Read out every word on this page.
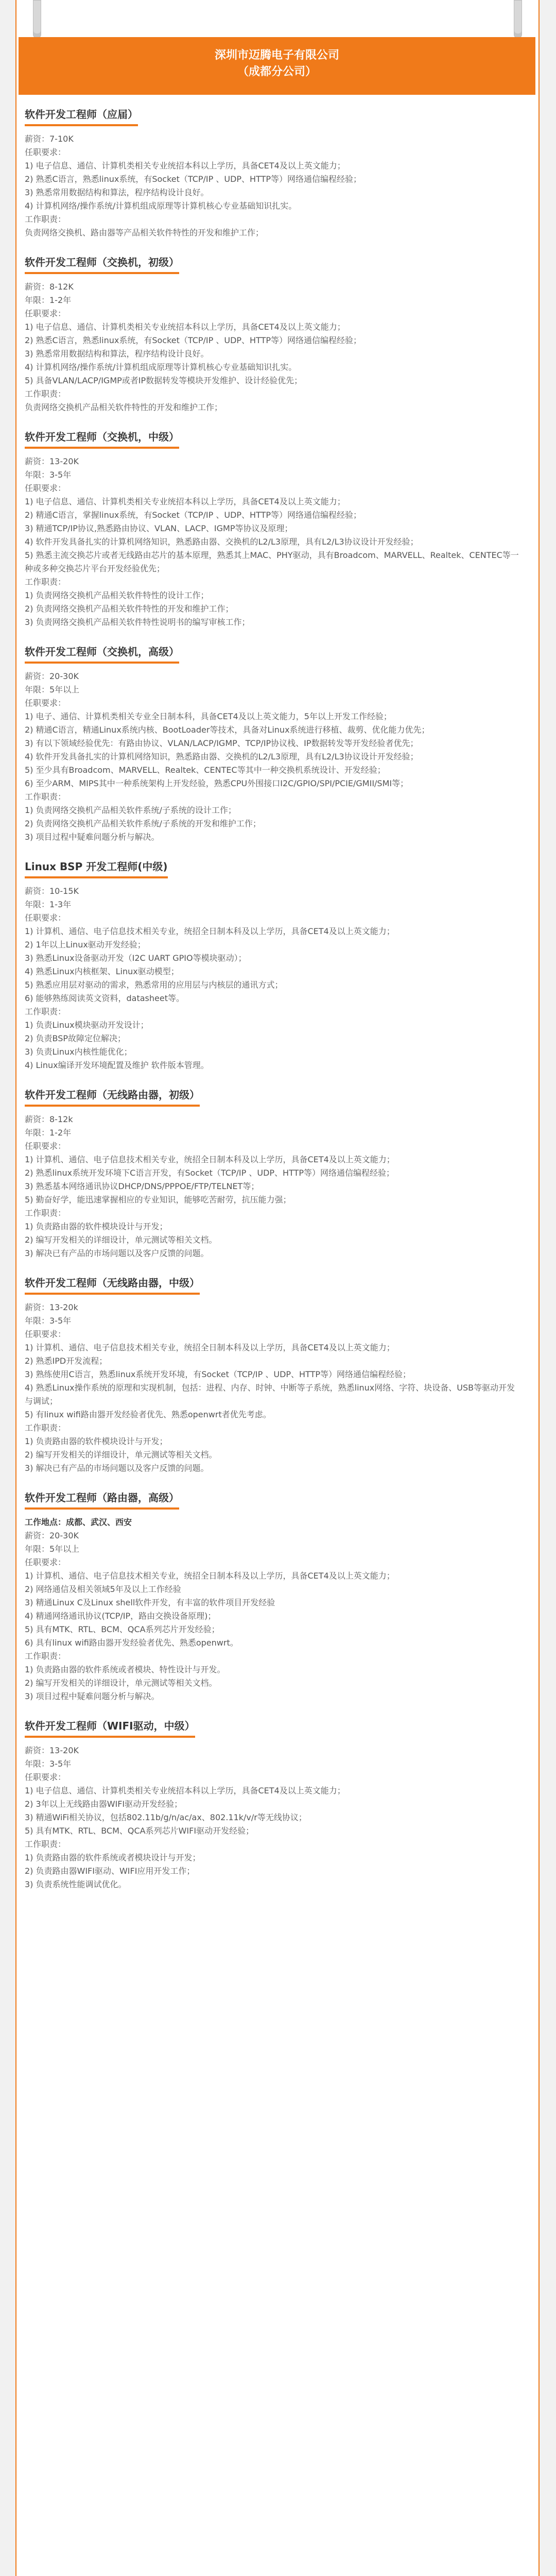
深圳市迈腾电子有限公司
（成都分公司）
软件开发工程师（应届）
薪资：7-10K
任职要求：
1) 电子信息、通信、计算机类相关专业统招本科以上学历，具备CET4及以上英文能力；
2) 熟悉C语言，熟悉linux系统，有Socket（TCP/IP 、UDP、HTTP等）网络通信编程经验；
3) 熟悉常用数据结构和算法，程序结构设计良好。
4) 计算机网络/操作系统/计算机组成原理等计算机核心专业基础知识扎实。
工作职责：
负责网络交换机、路由器等产品相关软件特性的开发和维护工作；
软件开发工程师（交换机，初级）
薪资：8-12K
年限：1-2年
任职要求：
1) 电子信息、通信、计算机类相关专业统招本科以上学历，具备CET4及以上英文能力；
2) 熟悉C语言，熟悉linux系统，有Socket（TCP/IP 、UDP、HTTP等）网络通信编程经验；
3) 熟悉常用数据结构和算法，程序结构设计良好。
4) 计算机网络/操作系统/计算机组成原理等计算机核心专业基础知识扎实。
5) 具备VLAN/LACP/IGMP或者IP数据转发等模块开发维护、设计经验优先；
工作职责：
负责网络交换机产品相关软件特性的开发和维护工作；
软件开发工程师（交换机，中级）
薪资：13-20K
年限：3-5年
任职要求：
1) 电子信息、通信、计算机类相关专业统招本科以上学历，具备CET4及以上英文能力；
2) 精通C语言，掌握linux系统，有Socket（TCP/IP 、UDP、HTTP等）网络通信编程经验；
3) 精通TCP/IP协议,熟悉路由协议、VLAN、LACP、IGMP等协议及原理；
4) 软件开发具备扎实的计算机网络知识，熟悉路由器、交换机的L2/L3原理，具有L2/L3协议设计开发经验；
5) 熟悉主流交换芯片或者无线路由芯片的基本原理，熟悉其上MAC、PHY驱动，具有Broadcom、MARVELL、Realtek、CENTEC等一种或多种交换芯片平台开发经验优先；
工作职责：
1) 负责网络交换机产品相关软件特性的设计工作；
2) 负责网络交换机产品相关软件特性的开发和维护工作；
3) 负责网络交换机产品相关软件特性说明书的编写审核工作；
软件开发工程师（交换机，高级）
薪资：20-30K
年限：5年以上
任职要求：
1) 电子、通信、计算机类相关专业全日制本科，具备CET4及以上英文能力，5年以上开发工作经验；
2) 精通C语言，精通Linux系统内核、BootLoader等技术，具备对Linux系统进行移植、裁剪、优化能力优先；
3) 有以下领域经验优先：有路由协议、VLAN/LACP/IGMP、TCP/IP协议栈、IP数据转发等开发经验者优先；
4) 软件开发具备扎实的计算机网络知识，熟悉路由器、交换机的L2/L3原理，具有L2/L3协议设计开发经验；
5) 至少具有Broadcom、MARVELL、Realtek、CENTEC等其中一种交换机系统设计、开发经验；
6) 至少ARM、MIPS其中一种系统架构上开发经验，熟悉CPU外围接口I2C/GPIO/SPI/PCIE/GMII/SMI等；
工作职责：
1) 负责网络交换机产品相关软件系统/子系统的设计工作；
2) 负责网络交换机产品相关软件系统/子系统的开发和维护工作；
3) 项目过程中疑难问题分析与解决。
Linux BSP 开发工程师(中级)
薪资：10-15K
年限：1-3年
任职要求：
1) 计算机、通信、电子信息技术相关专业，统招全日制本科及以上学历，具备CET4及以上英文能力；
2) 1年以上Linux驱动开发经验；
3) 熟悉Linux设备驱动开发（I2C UART GPIO等模块驱动）；
4) 熟悉Linux内核框架、Linux驱动模型；
5) 熟悉应用层对驱动的需求，熟悉常用的应用层与内核层的通讯方式；
6) 能够熟练阅读英文资料，datasheet等。
工作职责：
1) 负责Linux模块驱动开发设计；
2) 负责BSP故障定位解决；
3) 负责Linux内核性能优化；
4) Linux编译开发环境配置及维护 软件版本管理。
软件开发工程师（无线路由器，初级）
薪资：8-12k
年限：1-2年
任职要求：
1) 计算机、通信、电子信息技术相关专业，统招全日制本科及以上学历，具备CET4及以上英文能力；
2) 熟悉linux系统开发环境下C语言开发，有Socket（TCP/IP 、UDP、HTTP等）网络通信编程经验；
3) 熟悉基本网络通讯协议DHCP/DNS/PPPOE/FTP/TELNET等；
5) 勤奋好学，能迅速掌握相应的专业知识，能够吃苦耐劳，抗压能力强；
工作职责：
1) 负责路由器的软件模块设计与开发；
2) 编写开发相关的详细设计，单元测试等相关文档。
3) 解决已有产品的市场问题以及客户反馈的问题。
软件开发工程师（无线路由器，中级）
薪资：13-20k
年限：3-5年
任职要求：
1) 计算机、通信、电子信息技术相关专业，统招全日制本科及以上学历，具备CET4及以上英文能力；
2) 熟悉IPD开发流程；
3) 熟练使用C语言，熟悉linux系统开发环境，有Socket（TCP/IP 、UDP、HTTP等）网络通信编程经验；
4) 熟悉Linux操作系统的原理和实现机制，包括：进程、内存、时钟、中断等子系统，熟悉linux网络、字符、块设备、USB等驱动开发与调试；
5) 有linux wifi路由器开发经验者优先、熟悉openwrt者优先考虑。
工作职责：
1) 负责路由器的软件模块设计与开发；
2) 编写开发相关的详细设计，单元测试等相关文档。
3) 解决已有产品的市场问题以及客户反馈的问题。
软件开发工程师（路由器，高级）
工作地点：成都、武汉、西安
薪资：20-30K
年限：5年以上
任职要求：
1) 计算机、通信、电子信息技术相关专业，统招全日制本科及以上学历，具备CET4及以上英文能力；
2) 网络通信及相关领域5年及以上工作经验
3) 精通Linux C及Linux shell软件开发，有丰富的软件项目开发经验
4) 精通网络通讯协议(TCP/IP，路由交换设备原理)；
5) 具有MTK、RTL、BCM、QCA系列芯片开发经验；
6) 具有linux wifi路由器开发经验者优先、熟悉openwrt。
工作职责：
1) 负责路由器的软件系统或者模块、特性设计与开发。
2) 编写开发相关的详细设计，单元测试等相关文档。
3) 项目过程中疑难问题分析与解决。
软件开发工程师（WIFI驱动，中级）
薪资：13-20K
年限：3-5年
任职要求：
1) 电子信息、通信、计算机类相关专业统招本科以上学历，具备CET4及以上英文能力；
2) 3年以上无线路由器WIFI驱动开发经验；
3) 精通WiFi相关协议，包括802.11b/g/n/ac/ax、802.11k/v/r等无线协议；
5) 具有MTK、RTL、BCM、QCA系列芯片WIFI驱动开发经验；
工作职责：
1) 负责路由器的软件系统或者模块设计与开发；
2) 负责路由器WIFI驱动、WIFI应用开发工作；
3) 负责系统性能调试优化。
